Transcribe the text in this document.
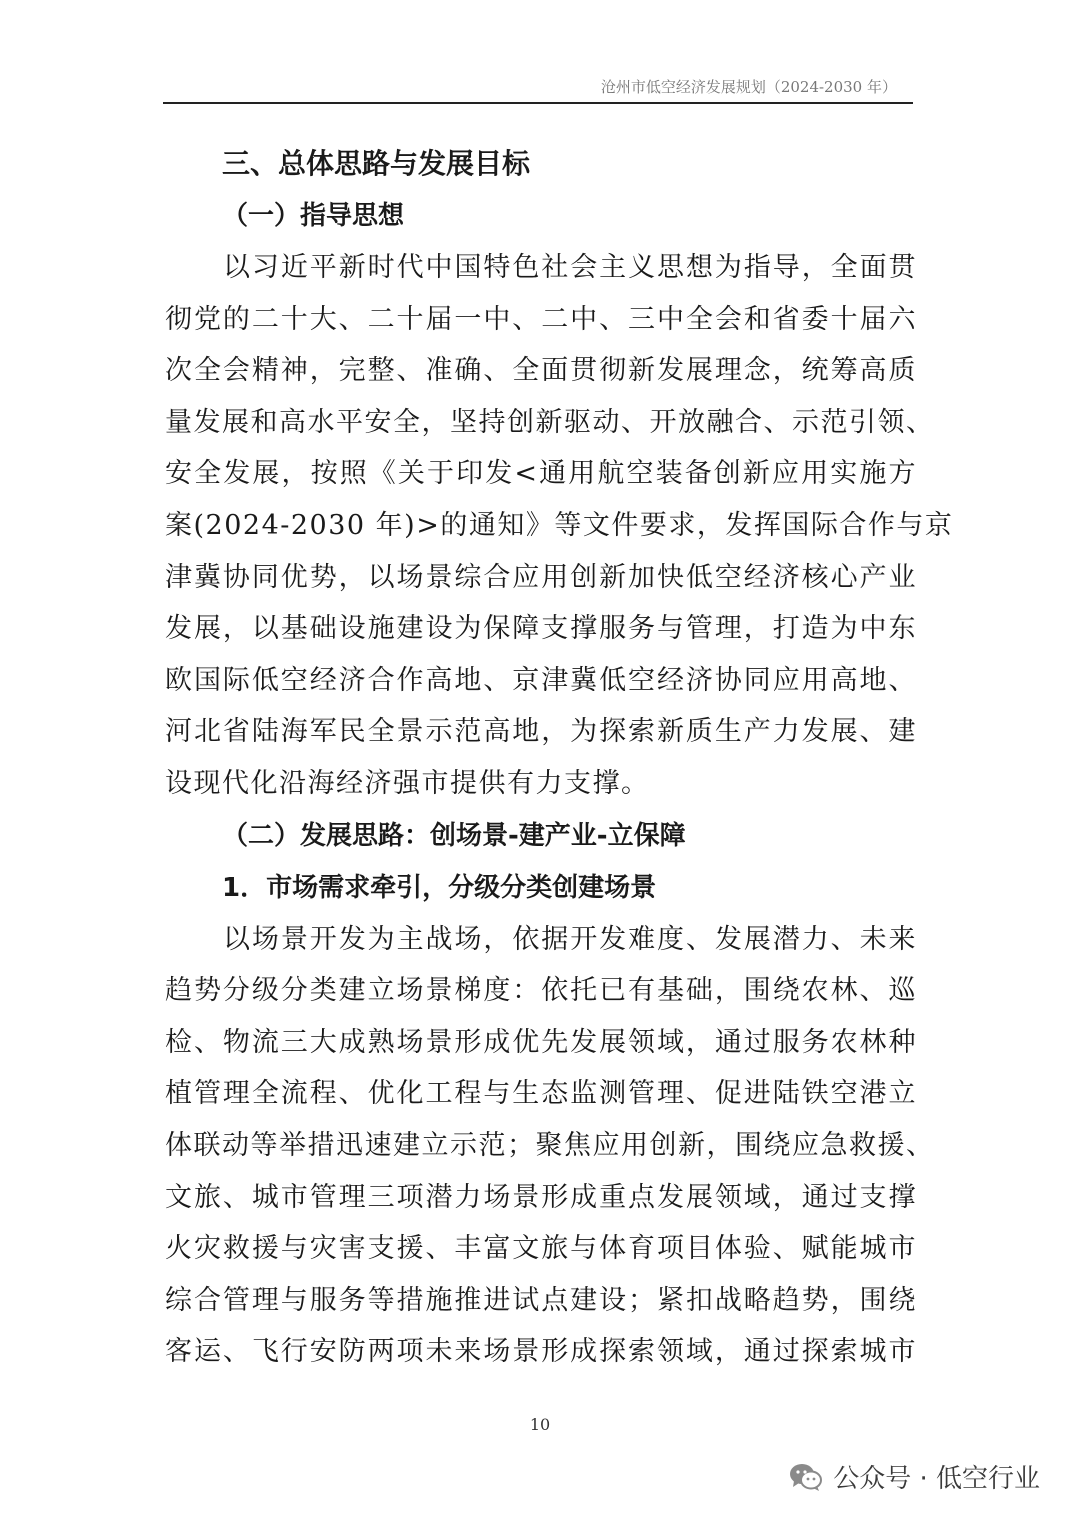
沧州市低空经济发展规划（2024-2030 年）
三、总体思路与发展目标
（一）指导思想
以习近平新时代中国特色社会主义思想为指导，全面贯
彻党的二十大、二十届一中、二中、三中全会和省委十届六
次全会精神，完整、准确、全面贯彻新发展理念，统筹高质
量发展和高水平安全，坚持创新驱动、开放融合、示范引领、
安全发展，按照《关于印发<通用航空装备创新应用实施方
案(2024-2030 年)>的通知》等文件要求，发挥国际合作与京
津冀协同优势，以场景综合应用创新加快低空经济核心产业
发展，以基础设施建设为保障支撑服务与管理，打造为中东
欧国际低空经济合作高地、京津冀低空经济协同应用高地、
河北省陆海军民全景示范高地，为探索新质生产力发展、建
设现代化沿海经济强市提供有力支撑。
（二）发展思路：创场景-建产业-立保障
1．市场需求牵引，分级分类创建场景
以场景开发为主战场，依据开发难度、发展潜力、未来
趋势分级分类建立场景梯度：依托已有基础，围绕农林、巡
检、物流三大成熟场景形成优先发展领域，通过服务农林种
植管理全流程、优化工程与生态监测管理、促进陆铁空港立
体联动等举措迅速建立示范；聚焦应用创新，围绕应急救援、
文旅、城市管理三项潜力场景形成重点发展领域，通过支撑
火灾救援与灾害支援、丰富文旅与体育项目体验、赋能城市
综合管理与服务等措施推进试点建设；紧扣战略趋势，围绕
客运、飞行安防两项未来场景形成探索领域，通过探索城市
10
公众号 · 低空行业
